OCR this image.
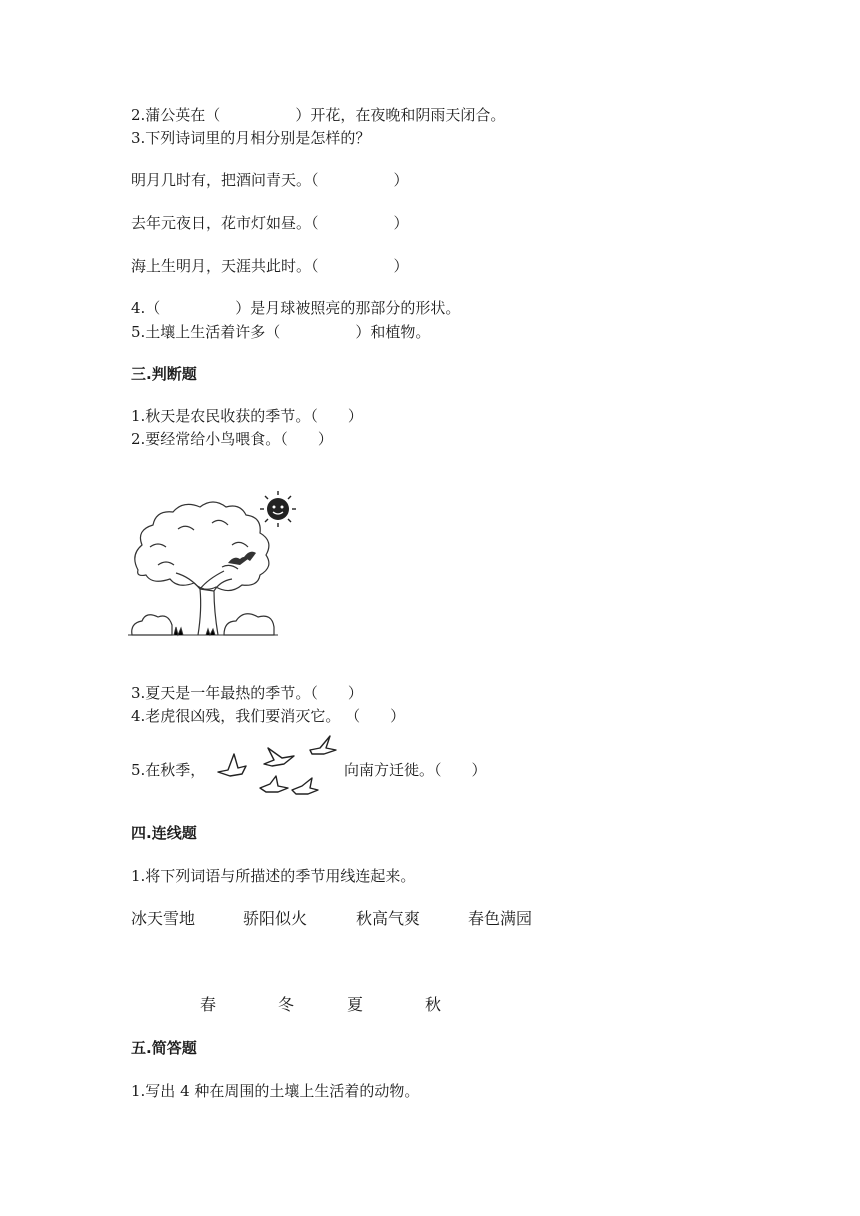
2.蒲公英在（　　　　　）开花，在夜晚和阴雨天闭合。
3.下列诗词里的月相分别是怎样的？
明月几时有，把酒问青天。（　　　　　）
去年元夜日，花市灯如昼。（　　　　　）
海上生明月，天涯共此时。（　　　　　）
4.（　　　　　）是月球被照亮的那部分的形状。
5.土壤上生活着许多（　　　　　）和植物。
三.判断题
1.秋天是农民收获的季节。（　　）
2.要经常给小鸟喂食。（　　）
3.夏天是一年最热的季节。（　　）
4.老虎很凶残，我们要消灭它。 （　　）
5.在秋季，	向南方迁徙。（　　）
四.连线题
1.将下列词语与所描述的季节用线连起来。
冰天雪地	骄阳似火	秋高气爽	春色满园
春	冬	夏	秋
五.简答题
1.写出 4 种在周围的土壤上生活着的动物。
